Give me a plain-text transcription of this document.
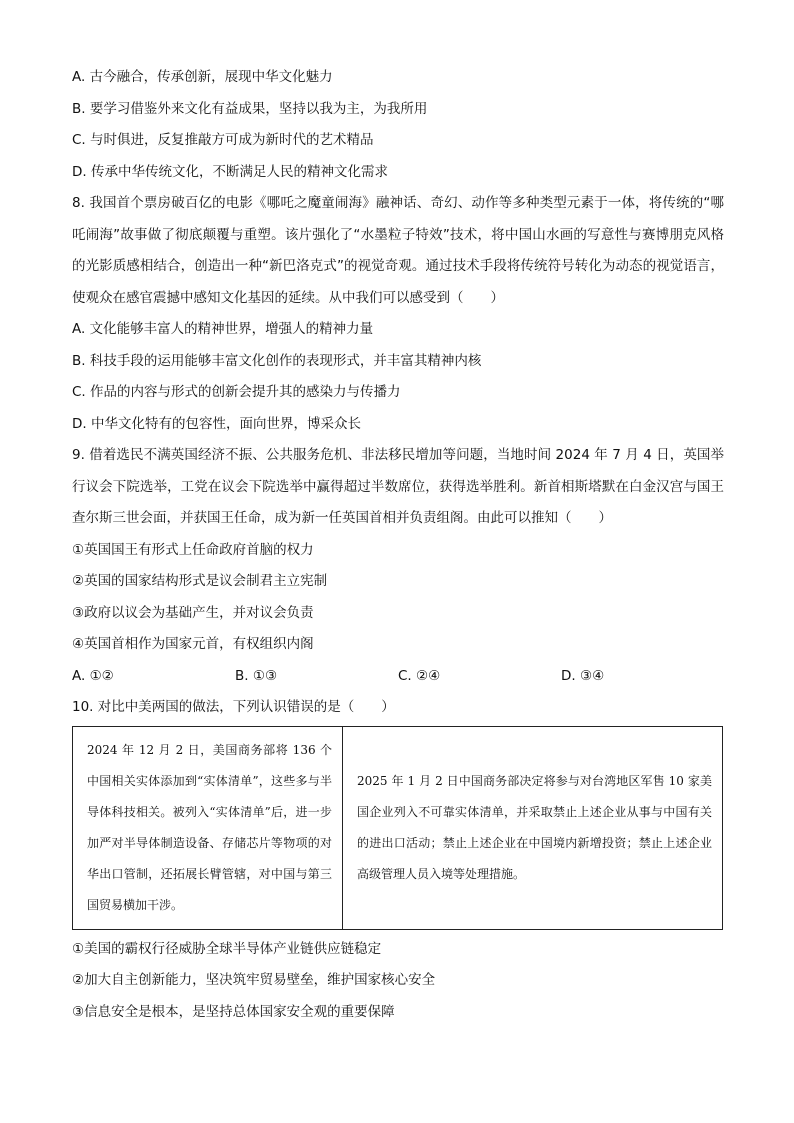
A. 古今融合，传承创新，展现中华文化魅力
B. 要学习借鉴外来文化有益成果，坚持以我为主，为我所用
C. 与时俱进，反复推敲方可成为新时代的艺术精品
D. 传承中华传统文化，不断满足人民的精神文化需求
8. 我国首个票房破百亿的电影《哪吒之魔童闹海》融神话、奇幻、动作等多种类型元素于一体，将传统的“哪吒闹海”故事做了彻底颠覆与重塑。该片强化了“水墨粒子特效”技术，将中国山水画的写意性与赛博朋克风格的光影质感相结合，创造出一种“新巴洛克式”的视觉奇观。通过技术手段将传统符号转化为动态的视觉语言，使观众在感官震撼中感知文化基因的延续。从中我们可以感受到（　　）
A. 文化能够丰富人的精神世界，增强人的精神力量
B. 科技手段的运用能够丰富文化创作的表现形式，并丰富其精神内核
C. 作品的内容与形式的创新会提升其的感染力与传播力
D. 中华文化特有的包容性，面向世界，博采众长
9. 借着选民不满英国经济不振、公共服务危机、非法移民增加等问题，当地时间 2024 年 7 月 4 日，英国举行议会下院选举，工党在议会下院选举中赢得超过半数席位，获得选举胜利。新首相斯塔默在白金汉宫与国王查尔斯三世会面，并获国王任命，成为新一任英国首相并负责组阁。由此可以推知（　　）
①英国国王有形式上任命政府首脑的权力
②英国的国家结构形式是议会制君主立宪制
③政府以议会为基础产生，并对议会负责
④英国首相作为国家元首，有权组织内阁
A. ①②	B. ①③	C. ②④	D. ③④
10. 对比中美两国的做法，下列认识错误的是（　　）
2024 年 12 月 2 日，美国商务部将 136 个中国相关实体添加到“实体清单”，这些多与半导体科技相关。被列入“实体清单”后，进一步加严对半导体制造设备、存储芯片等物项的对华出口管制，还拓展长臂管辖，对中国与第三国贸易横加干涉。	2025 年 1 月 2 日中国商务部决定将参与对台湾地区军售 10 家美国企业列入不可靠实体清单，并采取禁止上述企业从事与中国有关的进出口活动；禁止上述企业在中国境内新增投资；禁止上述企业高级管理人员入境等处理措施。
①美国的霸权行径威胁全球半导体产业链供应链稳定
②加大自主创新能力，坚决筑牢贸易壁垒，维护国家核心安全
③信息安全是根本，是坚持总体国家安全观的重要保障
